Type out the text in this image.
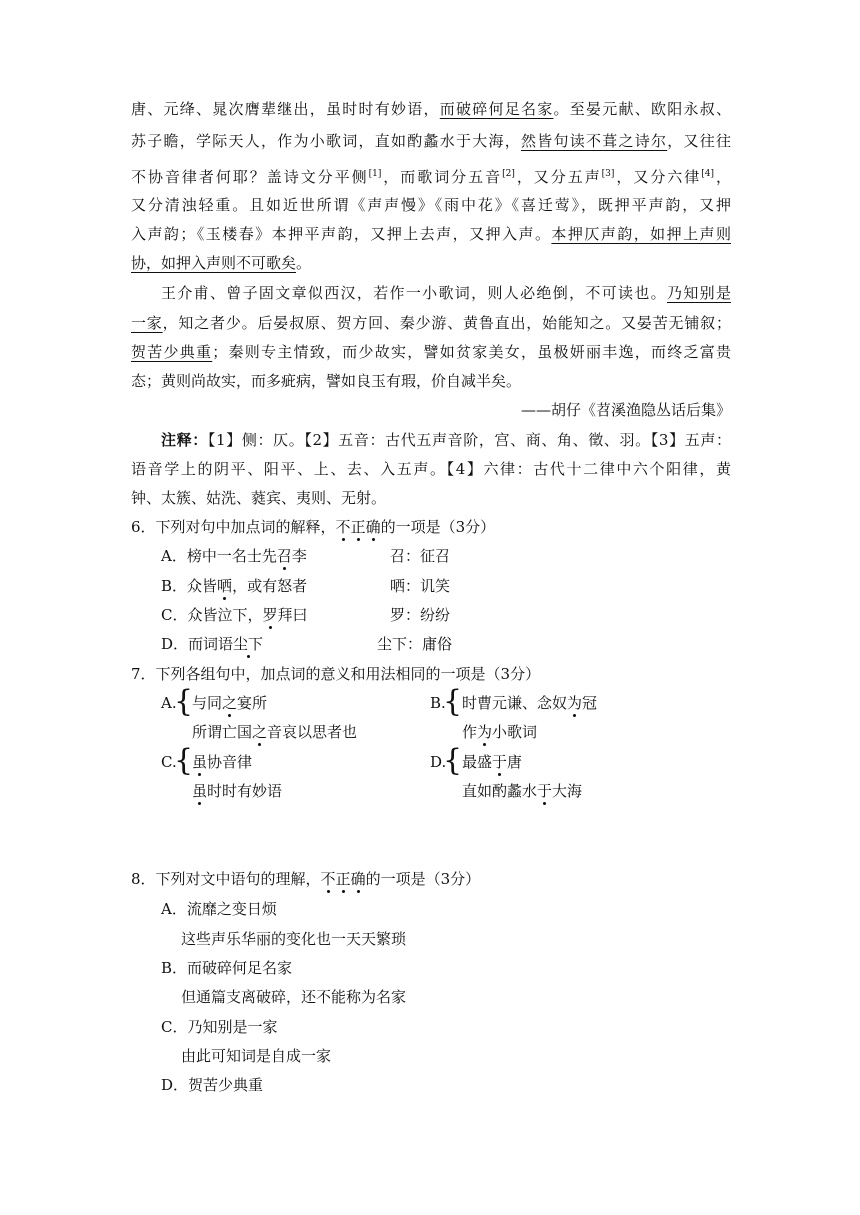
唐、元绛、晁次膺辈继出，虽时时有妙语，而破碎何足名家。至晏元献、欧阳永叔、
苏子瞻，学际天人，作为小歌词，直如酌蠡水于大海，然皆句读不葺之诗尔，又往往
不协音律者何耶？盖诗文分平侧[1]，而歌词分五音[2]，又分五声[3]，又分六律[4]，
又分清浊轻重。且如近世所谓《声声慢》《雨中花》《喜迁莺》，既押平声韵，又押
入声韵；《玉楼春》本押平声韵，又押上去声，又押入声。本押仄声韵，如押上声则
协，如押入声则不可歌矣。
王介甫、曾子固文章似西汉，若作一小歌词，则人必绝倒，不可读也。乃知别是
一家，知之者少。后晏叔原、贺方回、秦少游、黄鲁直出，始能知之。又晏苦无铺叙；
贺苦少典重；秦则专主情致，而少故实，譬如贫家美女，虽极妍丽丰逸，而终乏富贵
态；黄则尚故实，而多疵病，譬如良玉有瑕，价自减半矣。
——胡仔《苕溪渔隐丛话后集》
注释：【1】侧：仄。【2】五音：古代五声音阶，宫、商、角、徵、羽。【3】五声：
语音学上的阴平、阳平、上、去、入五声。【4】六律：古代十二律中六个阳律，黄
钟、太簇、姑洗、蕤宾、夷则、无射。
6．下列对句中加点词的解释，不正确的一项是（3分）
A．榜中一名士先召李	召：征召
B．众皆哂，或有怒者	哂：讥笑
C．众皆泣下，罗拜曰	罗：纷纷
D．而词语尘下	尘下：庸俗
7．下列各组句中，加点词的意义和用法相同的一项是（3分）
A.
{
与同之宴所
所谓亡国之音哀以思者也
B.
{ 时曹元谦、念奴为冠
作为小歌词
C.
{
虽协音律
虽时时有妙语
D.
{ 最盛于唐
直如酌蠡水于大海
8．下列对文中语句的理解，不正确的一项是（3分）
A．流靡之变日烦
这些声乐华丽的变化也一天天繁琐
B．而破碎何足名家
但通篇支离破碎，还不能称为名家
C．乃知别是一家
由此可知词是自成一家
D．贺苦少典重
